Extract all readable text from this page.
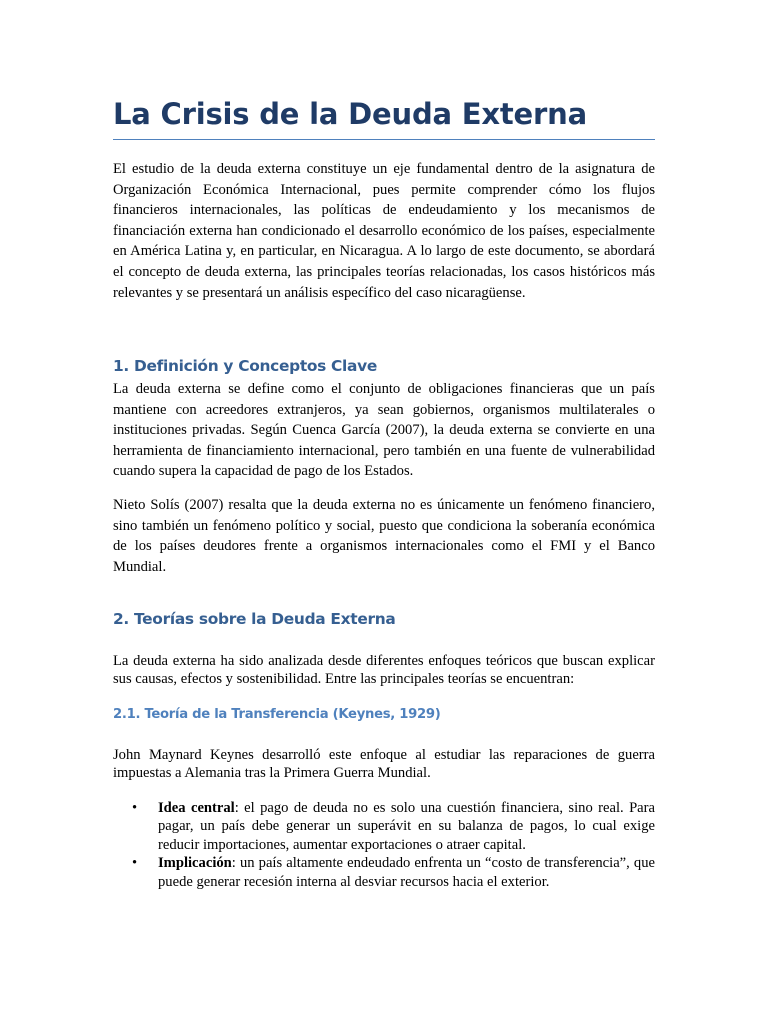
La Crisis de la Deuda Externa

El estudio de la deuda externa constituye un eje fundamental dentro de la asignatura de Organización Económica Internacional, pues permite comprender cómo los flujos financieros internacionales, las políticas de endeudamiento y los mecanismos de financiación externa han condicionado el desarrollo económico de los países, especialmente en América Latina y, en particular, en Nicaragua. A lo largo de este documento, se abordará el concepto de deuda externa, las principales teorías relacionadas, los casos históricos más relevantes y se presentará un análisis específico del caso nicaragüense.

1. Definición y Conceptos Clave

La deuda externa se define como el conjunto de obligaciones financieras que un país mantiene con acreedores extranjeros, ya sean gobiernos, organismos multilaterales o instituciones privadas. Según Cuenca García (2007), la deuda externa se convierte en una herramienta de financiamiento internacional, pero también en una fuente de vulnerabilidad cuando supera la capacidad de pago de los Estados.

Nieto Solís (2007) resalta que la deuda externa no es únicamente un fenómeno financiero, sino también un fenómeno político y social, puesto que condiciona la soberanía económica de los países deudores frente a organismos internacionales como el FMI y el Banco Mundial.

2. Teorías sobre la Deuda Externa

La deuda externa ha sido analizada desde diferentes enfoques teóricos que buscan explicar sus causas, efectos y sostenibilidad. Entre las principales teorías se encuentran:

2.1. Teoría de la Transferencia (Keynes, 1929)

John Maynard Keynes desarrolló este enfoque al estudiar las reparaciones de guerra impuestas a Alemania tras la Primera Guerra Mundial.

• Idea central: el pago de deuda no es solo una cuestión financiera, sino real. Para pagar, un país debe generar un superávit en su balanza de pagos, lo cual exige reducir importaciones, aumentar exportaciones o atraer capital.
• Implicación: un país altamente endeudado enfrenta un “costo de transferencia”, que puede generar recesión interna al desviar recursos hacia el exterior.
